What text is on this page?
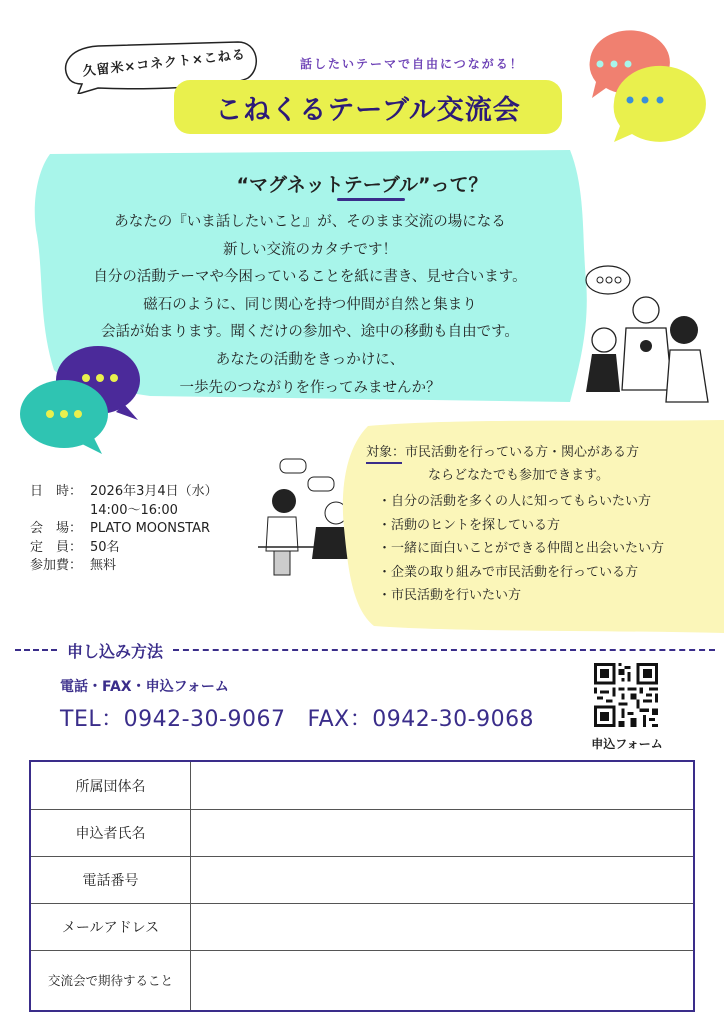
久留米×コネクト×こねる	話したいテーマで自由につながる！
こねくるテーブル交流会
“マグネットテーブル”って？
あなたの『いま話したいこと』が、そのまま交流の場になる
新しい交流のカタチです！
自分の活動テーマや今困っていることを紙に書き、見せ合います。
磁石のように、同じ関心を持つ仲間が自然と集まり
会話が始まります。聞くだけの参加や、途中の移動も自由です。
あなたの活動をきっかけに、
一歩先のつながりを作ってみませんか？
日　時： 2026年3月4日（水）
14:00〜16:00
会　場： PLATO MOONSTAR
定　員： 50名
参加費： 無料
対象：市民活動を行っている方・関心がある方
ならどなたでも参加できます。
・自分の活動を多くの人に知ってもらいたい方
・活動のヒントを探している方
・一緒に面白いことができる仲間と出会いたい方
・企業の取り組みで市民活動を行っている方
・市民活動を行いたい方
申し込み方法
電話・FAX・申込フォーム
TEL：0942-30-9067 FAX：0942-30-9068
申込フォーム
所属団体名
申込者氏名
電話番号
メールアドレス
交流会で期待すること
